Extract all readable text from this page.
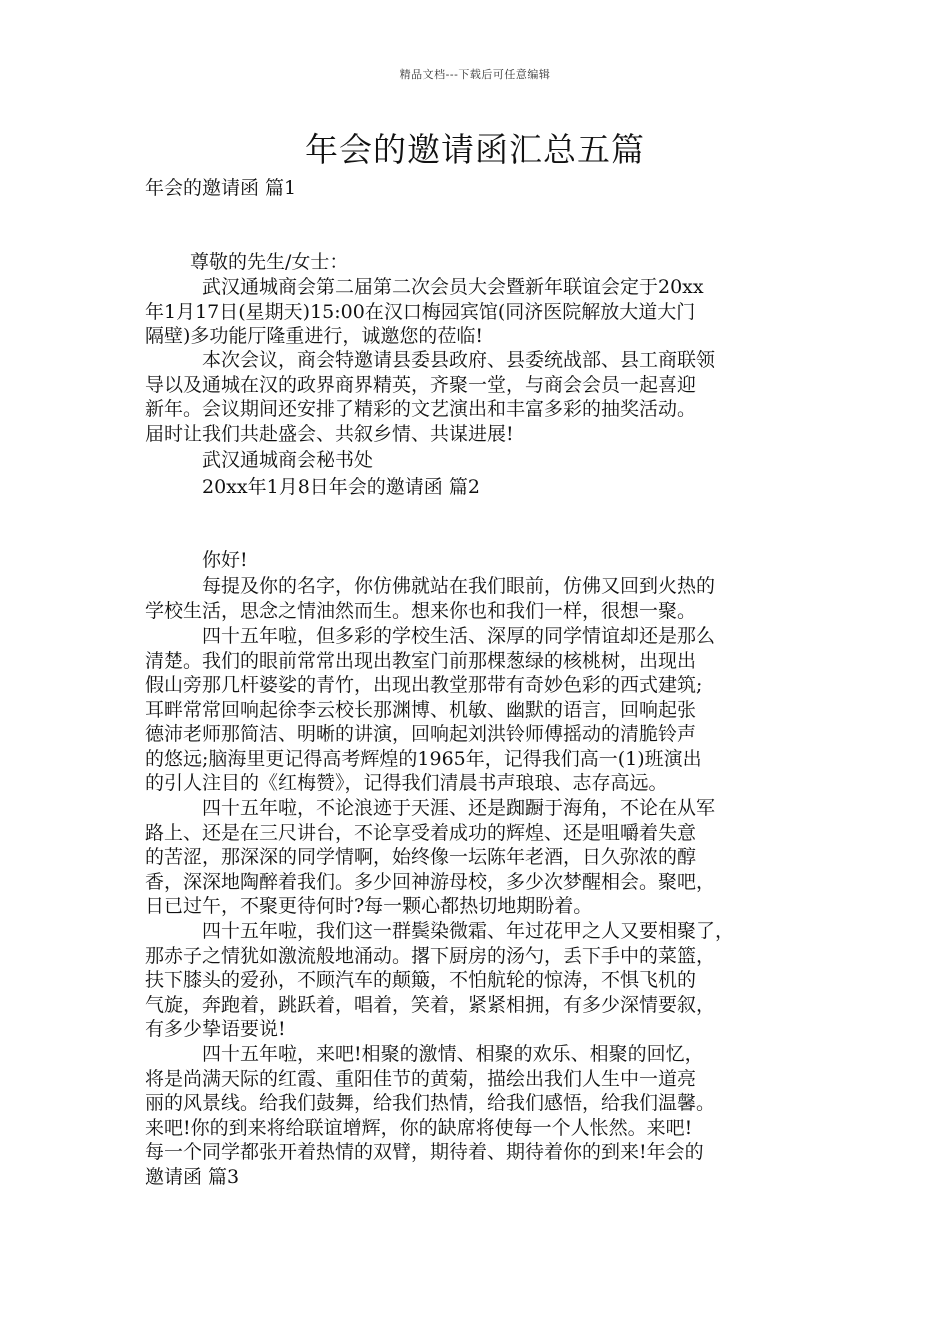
精品文档---下载后可任意编辑
年会的邀请函汇总五篇
年会的邀请函 篇1
尊敬的先生/女士：
武汉通城商会第二届第二次会员大会暨新年联谊会定于20xx
年1月17日(星期天)15:00在汉口梅园宾馆(同济医院解放大道大门
隔壁)多功能厅隆重进行，诚邀您的莅临!
本次会议，商会特邀请县委县政府、县委统战部、县工商联领
导以及通城在汉的政界商界精英，齐聚一堂，与商会会员一起喜迎
新年。会议期间还安排了精彩的文艺演出和丰富多彩的抽奖活动。
届时让我们共赴盛会、共叙乡情、共谋进展!
武汉通城商会秘书处
20xx年1月8日年会的邀请函 篇2
你好!
每提及你的名字，你仿佛就站在我们眼前，仿佛又回到火热的
学校生活，思念之情油然而生。想来你也和我们一样，很想一聚。
四十五年啦，但多彩的学校生活、深厚的同学情谊却还是那么
清楚。我们的眼前常常出现出教室门前那棵葱绿的核桃树，出现出
假山旁那几杆婆娑的青竹，出现出教堂那带有奇妙色彩的西式建筑;
耳畔常常回响起徐李云校长那渊博、机敏、幽默的语言，回响起张
德沛老师那简洁、明晰的讲演，回响起刘洪铃师傅摇动的清脆铃声
的悠远;脑海里更记得高考辉煌的1965年，记得我们高一(1)班演出
的引人注目的《红梅赞》，记得我们清晨书声琅琅、志存高远。
四十五年啦，不论浪迹于天涯、还是踟蹰于海角，不论在从军
路上、还是在三尺讲台，不论享受着成功的辉煌、还是咀嚼着失意
的苦涩，那深深的同学情啊，始终像一坛陈年老酒，日久弥浓的醇
香，深深地陶醉着我们。多少回神游母校，多少次梦醒相会。聚吧，
日已过午，不聚更待何时?每一颗心都热切地期盼着。
四十五年啦，我们这一群鬓染微霜、年过花甲之人又要相聚了，
那赤子之情犹如激流般地涌动。撂下厨房的汤勺，丢下手中的菜篮，
扶下膝头的爱孙，不顾汽车的颠簸，不怕航轮的惊涛，不惧飞机的
气旋，奔跑着，跳跃着，唱着，笑着，紧紧相拥，有多少深情要叙，
有多少挚语要说!
四十五年啦，来吧!相聚的激情、相聚的欢乐、相聚的回忆，
将是尚满天际的红霞、重阳佳节的黄菊，描绘出我们人生中一道亮
丽的风景线。给我们鼓舞，给我们热情，给我们感悟，给我们温馨。
来吧!你的到来将给联谊增辉，你的缺席将使每一个人怅然。来吧!
每一个同学都张开着热情的双臂，期待着、期待着你的到来!年会的
邀请函 篇3
